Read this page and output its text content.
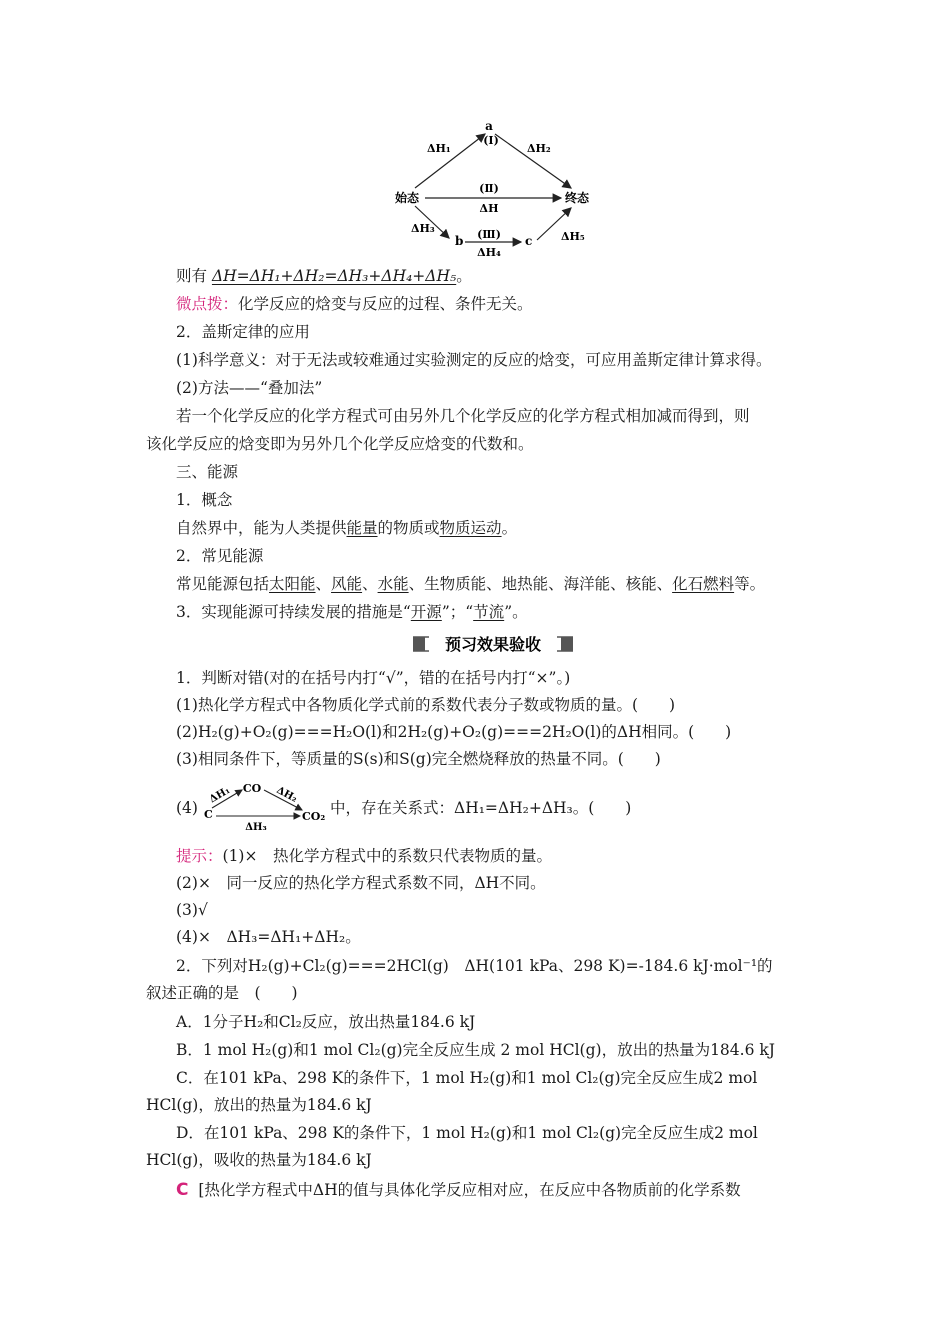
a
(Ⅰ)
ΔH₁	ΔH₂
始态	终态
(Ⅱ)
ΔH
ΔH₃
b (Ⅲ)
ΔH₄
c	ΔH₅
则有 ΔH=ΔH₁+ΔH₂=ΔH₃+ΔH₄+ΔH₅。
微点拨：化学反应的焓变与反应的过程、条件无关。
2．盖斯定律的应用
(1)科学意义：对于无法或较难通过实验测定的反应的焓变，可应用盖斯定律计算求得。
(2)方法——“叠加法”
若一个化学反应的化学方程式可由另外几个化学反应的化学方程式相加减而得到，则
该化学反应的焓变即为另外几个化学反应焓变的代数和。
三、能源
1．概念
自然界中，能为人类提供能量的物质或物质运动。
2．常见能源
常见能源包括太阳能、风能、水能、生物质能、地热能、海洋能、核能、化石燃料等。
3．实现能源可持续发展的措施是“开源”；“节流”。
预习效果验收
1．判断对错(对的在括号内打“√”，错的在括号内打“×”。)
(1)热化学方程式中各物质化学式前的系数代表分子数或物质的量。(　　)
(2)H₂(g)+O₂(g)===H₂O(l)和2H₂(g)+O₂(g)===2H₂O(l)的ΔH相同。(　　)
(3)相同条件下，等质量的S(s)和S(g)完全燃烧释放的热量不同。(　　)
(4)
CO
C	CO₂
ΔH₁	ΔH₂
ΔH₃
中，存在关系式：ΔH₁=ΔH₂+ΔH₃。(　　)
提示：(1)×　热化学方程式中的系数只代表物质的量。
(2)×　同一反应的热化学方程式系数不同，ΔH不同。
(3)√
(4)×　ΔH₃=ΔH₁+ΔH₂。
2．下列对H₂(g)+Cl₂(g)===2HCl(g)　ΔH(101 kPa、298 K)=-184.6 kJ·mol⁻¹的
叙述正确的是　(　　)
A．1分子H₂和Cl₂反应，放出热量184.6 kJ
B．1 mol H₂(g)和1 mol Cl₂(g)完全反应生成 2 mol HCl(g)，放出的热量为184.6 kJ
C．在101 kPa、298 K的条件下，1 mol H₂(g)和1 mol Cl₂(g)完全反应生成2 mol
HCl(g)，放出的热量为184.6 kJ
D．在101 kPa、298 K的条件下，1 mol H₂(g)和1 mol Cl₂(g)完全反应生成2 mol
HCl(g)，吸收的热量为184.6 kJ
C [热化学方程式中ΔH的值与具体化学反应相对应，在反应中各物质前的化学系数
